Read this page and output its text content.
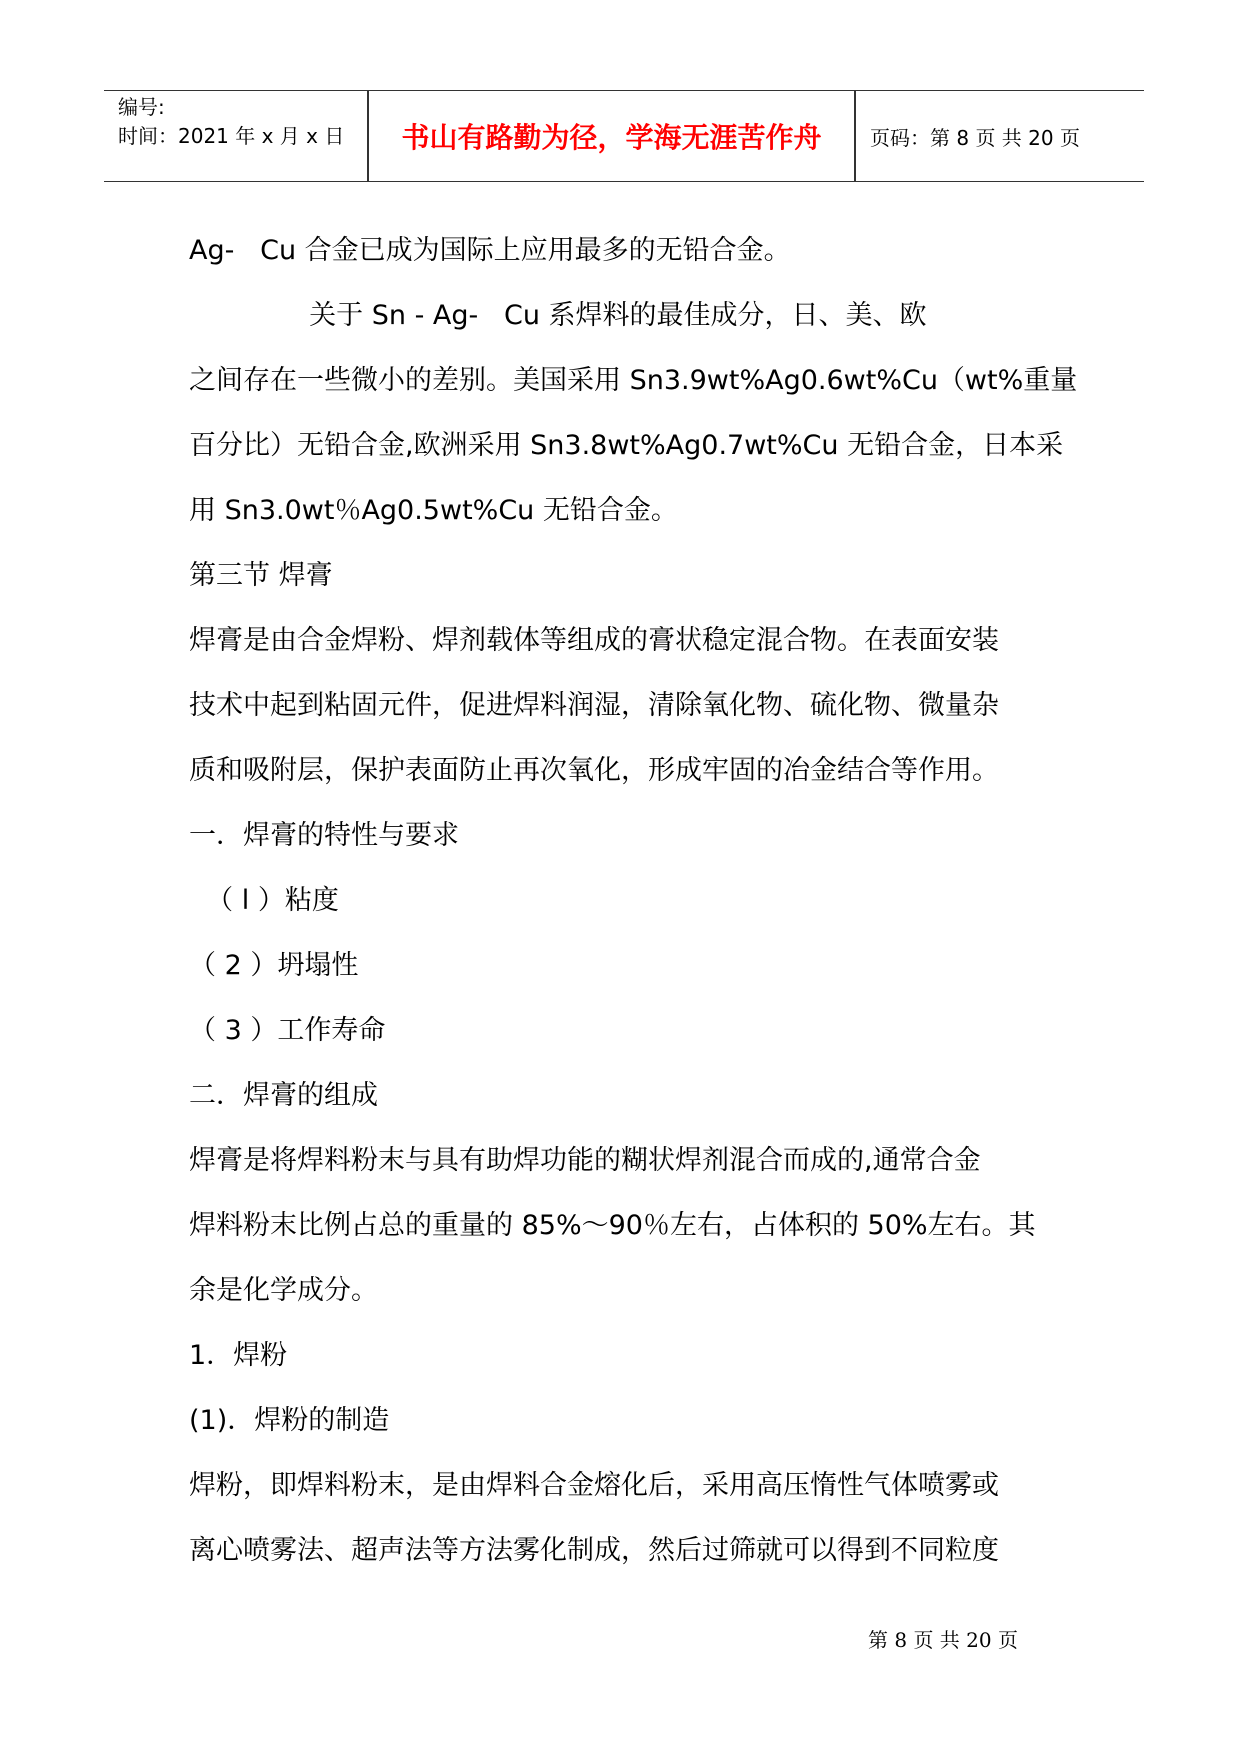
编号:
时间：2021 年 x 月 x 日	书山有路勤为径，学海无涯苦作舟	页码：第 8 页 共 20 页
Ag-   Cu 合金已成为国际上应用最多的无铅合金。
关于 Sn - Ag-   Cu 系焊料的最佳成分，日、美、欧
之间存在一些微小的差别。美国采用 Sn3.9wt%Ag0.6wt%Cu（wt%重量
百分比）无铅合金,欧洲采用 Sn3.8wt%Ag0.7wt%Cu 无铅合金，日本采
用 Sn3.0wt％Ag0.5wt%Cu 无铅合金。
第三节 焊膏
焊膏是由合金焊粉、焊剂载体等组成的膏状稳定混合物。在表面安装
技术中起到粘固元件，促进焊料润湿，清除氧化物、硫化物、微量杂
质和吸附层，保护表面防止再次氧化，形成牢固的冶金结合等作用。
一．焊膏的特性与要求
（ l ）粘度
（ 2 ）坍塌性
（ 3 ）工作寿命
二．焊膏的组成
焊膏是将焊料粉末与具有助焊功能的糊状焊剂混合而成的,通常合金
焊料粉末比例占总的重量的 85%～90％左右，占体积的 50%左右。其
余是化学成分。
1．焊粉
(1)．焊粉的制造
焊粉，即焊料粉末，是由焊料合金熔化后，采用高压惰性气体喷雾或
离心喷雾法、超声法等方法雾化制成，然后过筛就可以得到不同粒度
第 8 页 共 20 页
